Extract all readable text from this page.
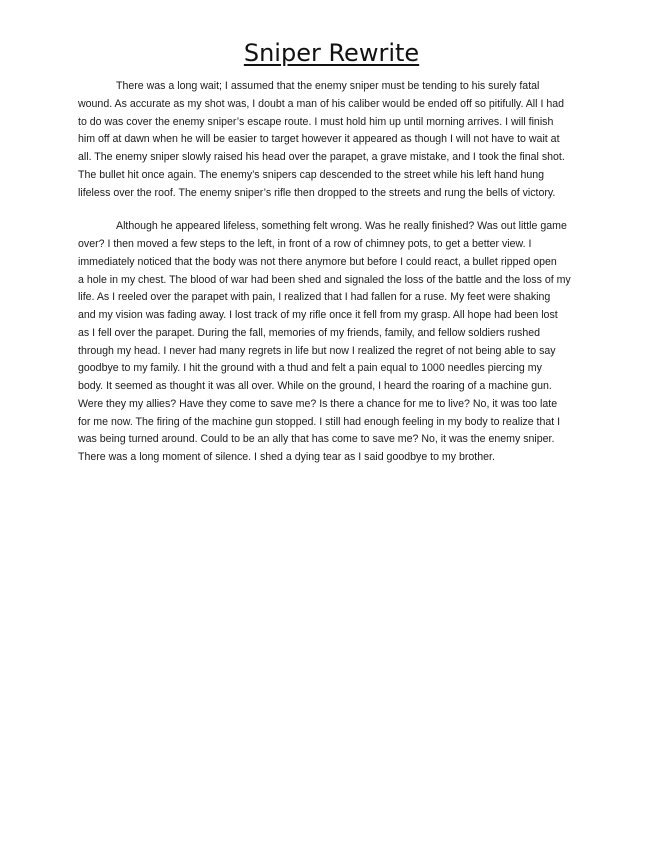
Sniper Rewrite
There was a long wait; I assumed that the enemy sniper must be tending to his surely fatal
wound. As accurate as my shot was, I doubt a man of his caliber would be ended off so pitifully. All I had
to do was cover the enemy sniper’s escape route. I must hold him up until morning arrives. I will finish
him off at dawn when he will be easier to target however it appeared as though I will not have to wait at
all. The enemy sniper slowly raised his head over the parapet, a grave mistake, and I took the final shot.
The bullet hit once again. The enemy’s snipers cap descended to the street while his left hand hung
lifeless over the roof. The enemy sniper’s rifle then dropped to the streets and rung the bells of victory.
Although he appeared lifeless, something felt wrong. Was he really finished? Was out little game
over? I then moved a few steps to the left, in front of a row of chimney pots, to get a better view. I
immediately noticed that the body was not there anymore but before I could react, a bullet ripped open
a hole in my chest. The blood of war had been shed and signaled the loss of the battle and the loss of my
life. As I reeled over the parapet with pain, I realized that I had fallen for a ruse. My feet were shaking
and my vision was fading away. I lost track of my rifle once it fell from my grasp. All hope had been lost
as I fell over the parapet. During the fall, memories of my friends, family, and fellow soldiers rushed
through my head. I never had many regrets in life but now I realized the regret of not being able to say
goodbye to my family. I hit the ground with a thud and felt a pain equal to 1000 needles piercing my
body. It seemed as thought it was all over. While on the ground, I heard the roaring of a machine gun.
Were they my allies? Have they come to save me? Is there a chance for me to live? No, it was too late
for me now. The firing of the machine gun stopped. I still had enough feeling in my body to realize that I
was being turned around. Could to be an ally that has come to save me? No, it was the enemy sniper.
There was a long moment of silence. I shed a dying tear as I said goodbye to my brother.
